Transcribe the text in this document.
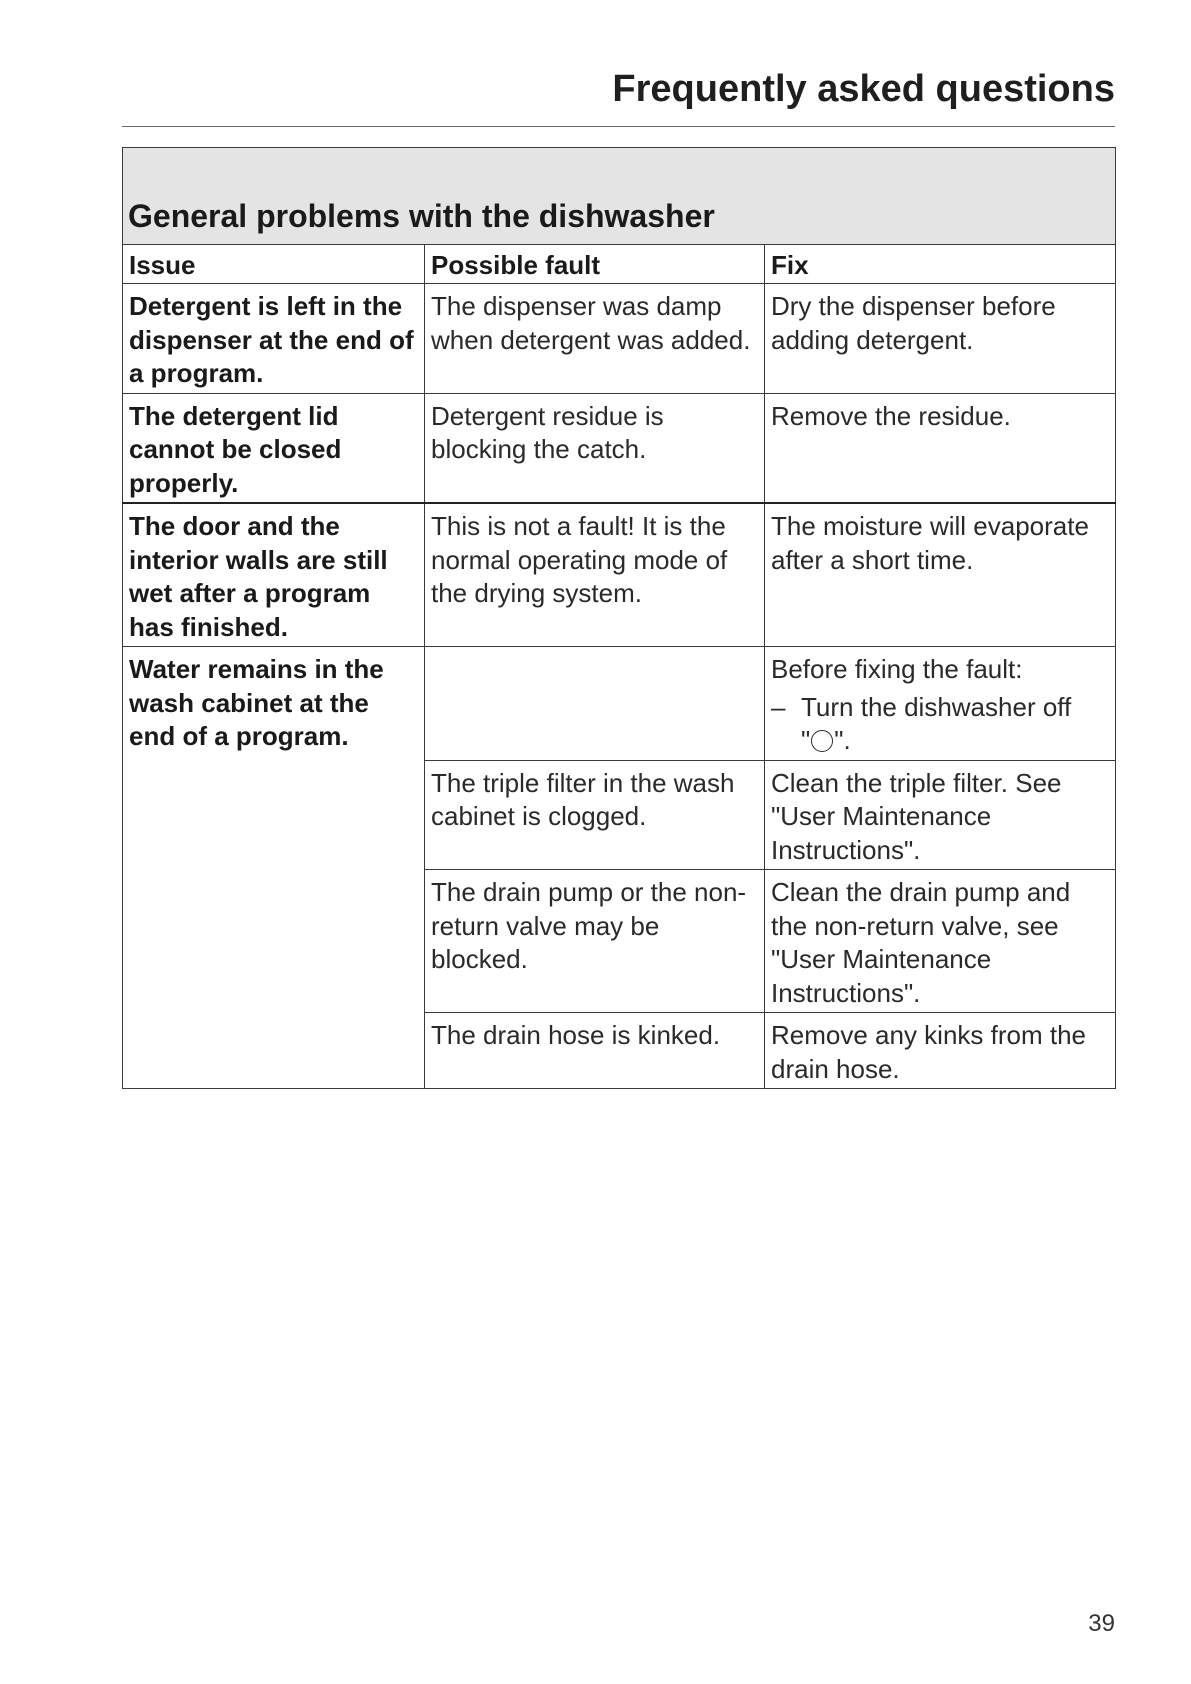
Frequently asked questions
General problems with the dishwasher		
Issue	Possible fault	Fix
Detergent is left in the dispenser at the end of a program.	The dispenser was damp when detergent was added.	Dry the dispenser before adding detergent.
The detergent lid cannot be closed properly.	Detergent residue is blocking the catch.	Remove the residue.
The door and the interior walls are still wet after a program has finished.	This is not a fault! It is the normal operating mode of the drying system.	The moisture will evaporate after a short time.
Water remains in the wash cabinet at the end of a program.		Before fixing the fault:
– Turn the dishwasher off
" ".

	The triple filter in the wash cabinet is clogged.	Clean the triple filter. See "User Maintenance Instructions".
	The drain pump or the non-return valve may be blocked.	Clean the drain pump and the non-return valve, see "User Maintenance Instructions".
	The drain hose is kinked.	Remove any kinks from the drain hose.
39
